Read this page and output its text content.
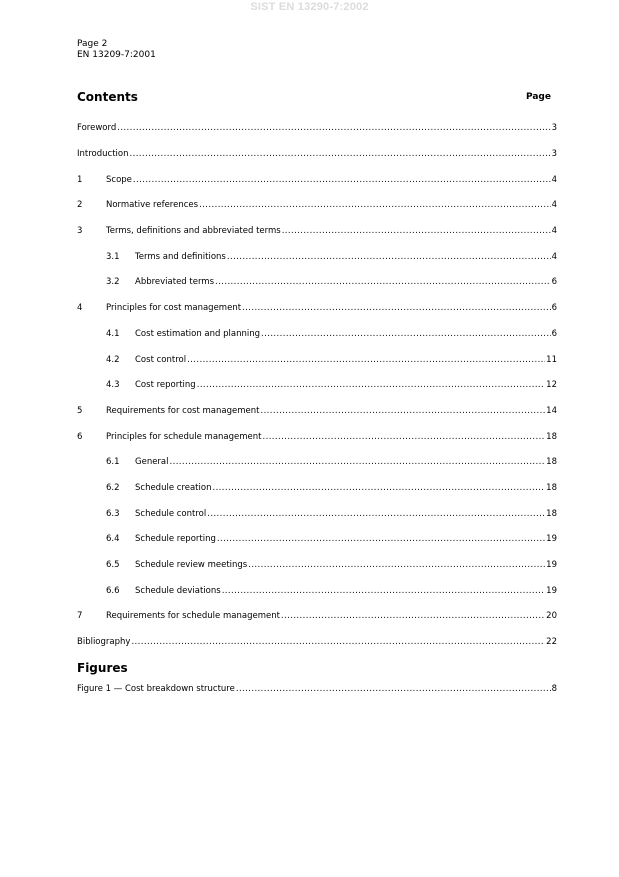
SIST EN 13290-7:2002
Page 2
EN 13209-7:2001
Contents	Page
Foreword .....	3
Introduction .....	3
1	Scope .....	4
2	Normative references .....	4
3	Terms, definitions and abbreviated terms .....	4
3.1	Terms and definitions .....	4
3.2	Abbreviated terms .....	6
4	Principles for cost management .....	6
4.1	Cost estimation and planning .....	6
4.2	Cost control .....	11
4.3	Cost reporting .....	12
5	Requirements for cost management .....	14
6	Principles for schedule management .....	18
6.1	General .....	18
6.2	Schedule creation .....	18
6.3	Schedule control .....	18
6.4	Schedule reporting .....	19
6.5	Schedule review meetings .....	19
6.6	Schedule deviations .....	19
7	Requirements for schedule management .....	20
Bibliography .....	22
Figures
Figure 1 — Cost breakdown structure .....	8
